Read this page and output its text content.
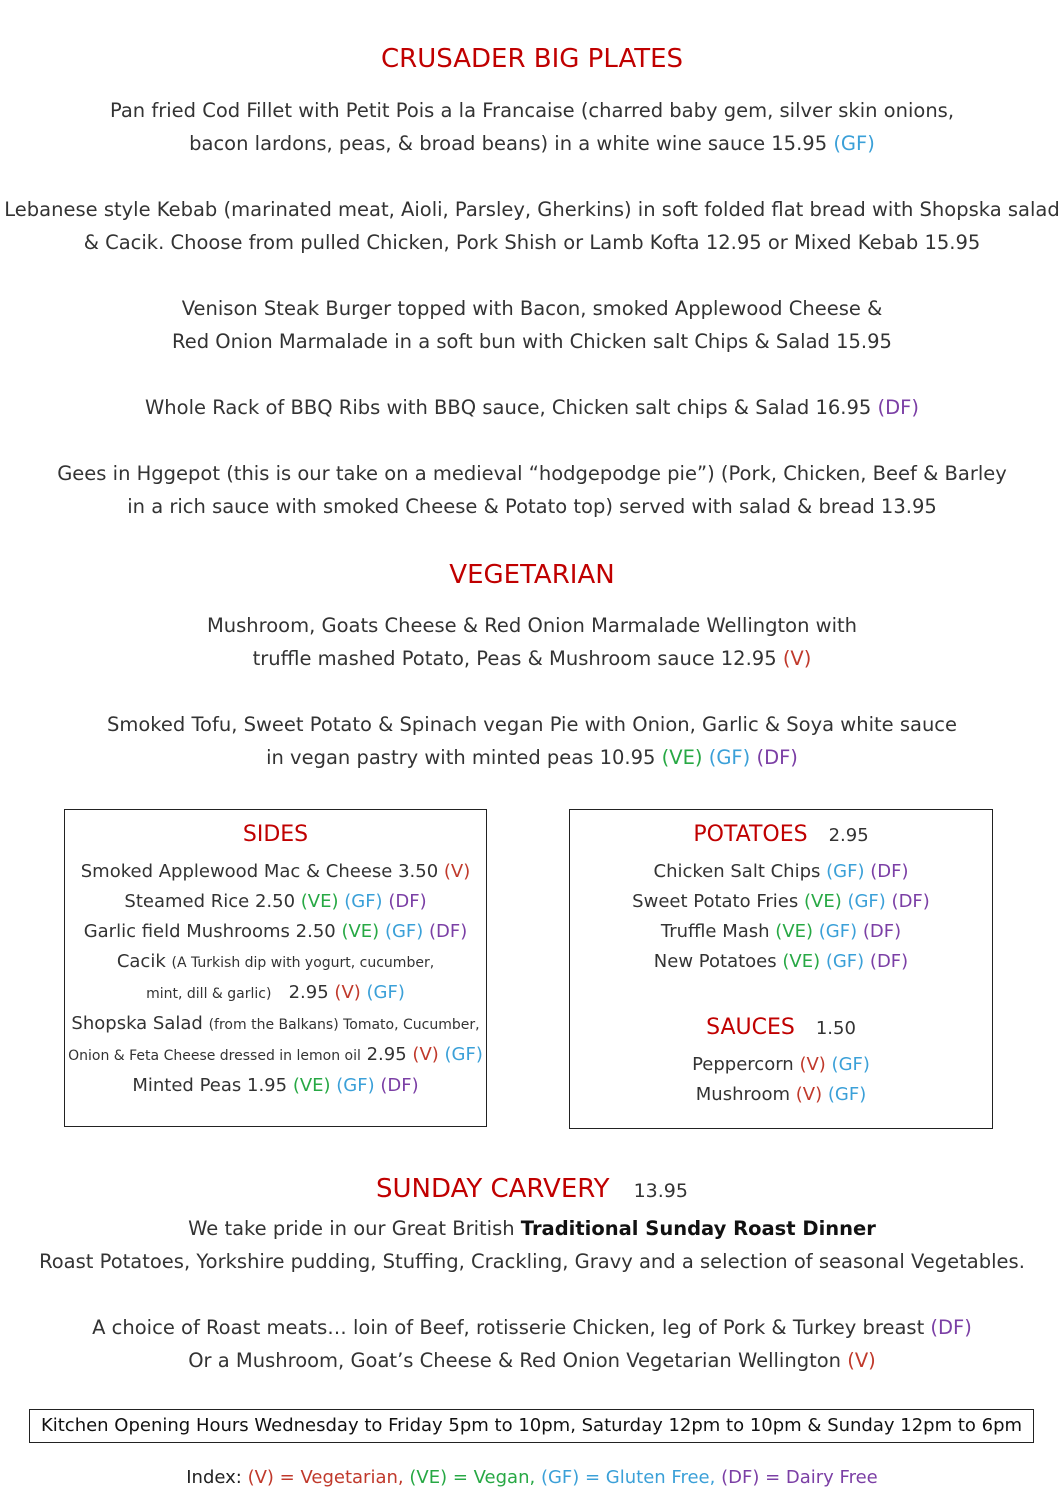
CRUSADER BIG PLATES
Pan fried Cod Fillet with Petit Pois a la Francaise (charred baby gem, silver skin onions,
bacon lardons, peas, & broad beans) in a white wine sauce 15.95 (GF)
Lebanese style Kebab (marinated meat, Aioli, Parsley, Gherkins) in soft folded flat bread with Shopska salad
& Cacik. Choose from pulled Chicken, Pork Shish or Lamb Kofta 12.95 or Mixed Kebab 15.95
Venison Steak Burger topped with Bacon, smoked Applewood Cheese &
Red Onion Marmalade in a soft bun with Chicken salt Chips & Salad 15.95
Whole Rack of BBQ Ribs with BBQ sauce, Chicken salt chips & Salad 16.95 (DF)
Gees in Hggepot (this is our take on a medieval “hodgepodge pie”) (Pork, Chicken, Beef & Barley
in a rich sauce with smoked Cheese & Potato top) served with salad & bread 13.95
VEGETARIAN
Mushroom, Goats Cheese & Red Onion Marmalade Wellington with
truffle mashed Potato, Peas & Mushroom sauce 12.95 (V)
Smoked Tofu, Sweet Potato & Spinach vegan Pie with Onion, Garlic & Soya white sauce
in vegan pastry with minted peas 10.95 (VE) (GF) (DF)
SIDES
Smoked Applewood Mac & Cheese 3.50 (V)
Steamed Rice 2.50 (VE) (GF) (DF)
Garlic field Mushrooms 2.50 (VE) (GF) (DF)
Cacik (A Turkish dip with yogurt, cucumber,
mint, dill & garlic) 2.95 (V) (GF)
Shopska Salad (from the Balkans) Tomato, Cucumber,
Onion & Feta Cheese dressed in lemon oil 2.95 (V) (GF)
Minted Peas 1.95 (VE) (GF) (DF)
POTATOES 2.95
Chicken Salt Chips (GF) (DF)
Sweet Potato Fries (VE) (GF) (DF)
Truffle Mash (VE) (GF) (DF)
New Potatoes (VE) (GF) (DF)
SAUCES 1.50
Peppercorn (V) (GF)
Mushroom (V) (GF)
SUNDAY CARVERY 13.95
We take pride in our Great British Traditional Sunday Roast Dinner
Roast Potatoes, Yorkshire pudding, Stuffing, Crackling, Gravy and a selection of seasonal Vegetables.
A choice of Roast meats… loin of Beef, rotisserie Chicken, leg of Pork & Turkey breast (DF)
Or a Mushroom, Goat’s Cheese & Red Onion Vegetarian Wellington (V)
Kitchen Opening Hours Wednesday to Friday 5pm to 10pm, Saturday 12pm to 10pm & Sunday 12pm to 6pm
Index: (V) = Vegetarian, (VE) = Vegan, (GF) = Gluten Free, (DF) = Dairy Free
